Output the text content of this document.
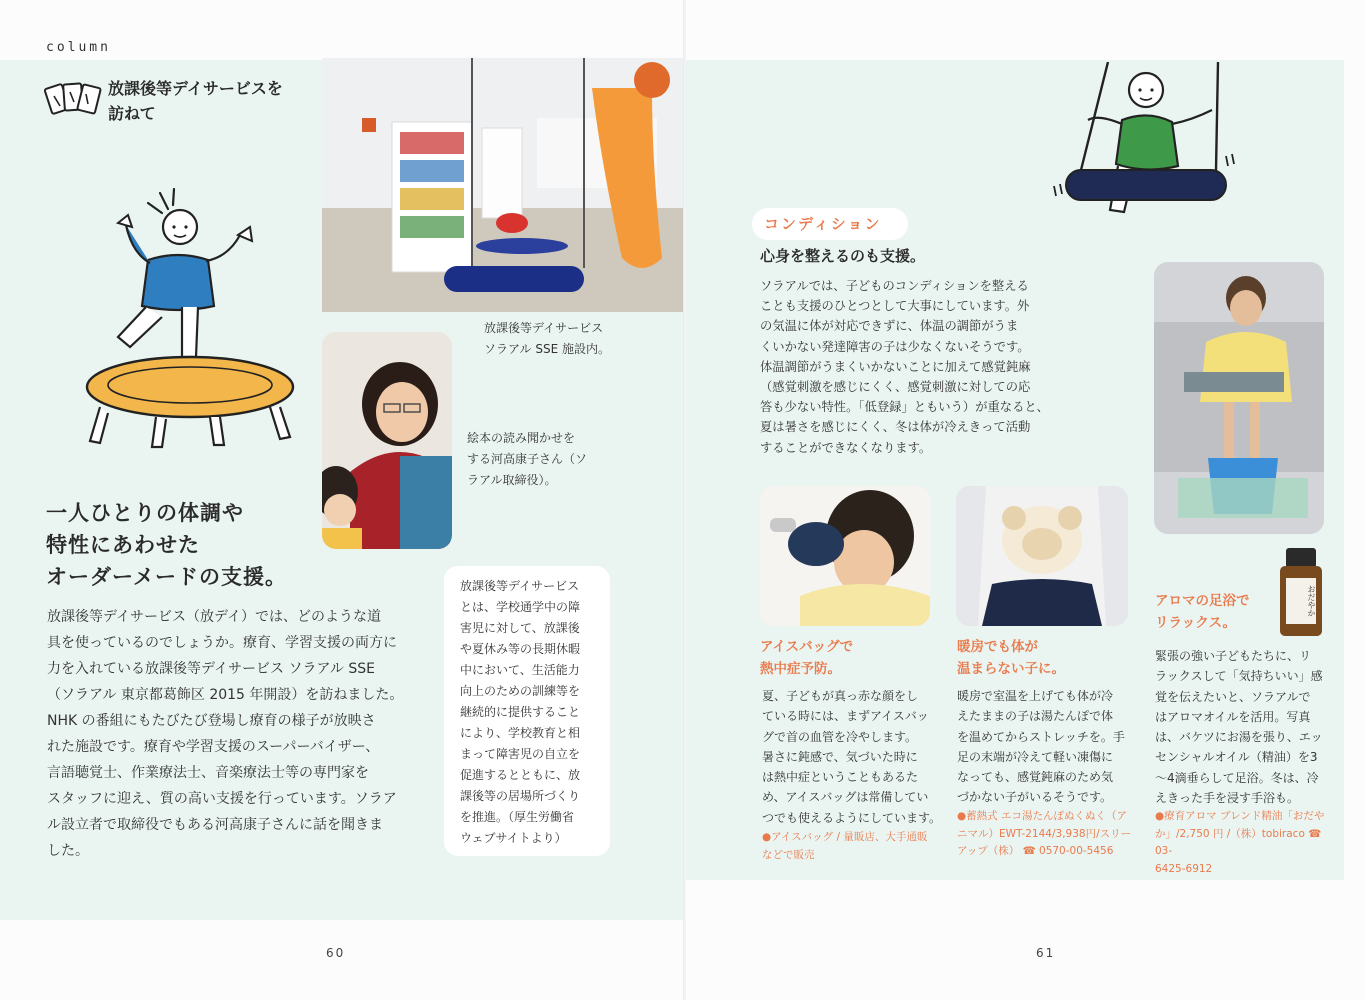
column
放課後等デイサービスを
訪ねて
放課後等デイサービス
ソラアル SSE 施設内。
絵本の読み聞かせを
する河高康子さん（ソ
ラアル取締役）。
一人ひとりの体調や
特性にあわせた
オーダーメードの支援。
放課後等デイサービス（放デイ）では、どのような道
具を使っているのでしょうか。療育、学習支援の両方に
力を入れている放課後等デイサービス ソラアル SSE
（ソラアル 東京都葛飾区 2015 年開設）を訪ねました。
NHK の番組にもたびたび登場し療育の様子が放映さ
れた施設です。療育や学習支援のスーパーバイザー、
言語聴覚士、作業療法士、音楽療法士等の専門家を
スタッフに迎え、質の高い支援を行っています。ソラア
ル設立者で取締役でもある河高康子さんに話を聞きま
した。
放課後等デイサービス
とは、学校通学中の障
害児に対して、放課後
や夏休み等の長期休暇
中において、生活能力
向上のための訓練等を
継続的に提供すること
により、学校教育と相
まって障害児の自立を
促進するとともに、放
課後等の居場所づくり
を推進。（厚生労働省
ウェブサイトより）
60
コンディション
心身を整えるのも支援。
ソラアルでは、子どものコンディションを整える
ことも支援のひとつとして大事にしています。外
の気温に体が対応できずに、体温の調節がうま
くいかない発達障害の子は少なくないそうです。
体温調節がうまくいかないことに加えて感覚鈍麻
（感覚刺激を感じにくく、感覚刺激に対しての応
答も少ない特性。「低登録」ともいう）が重なると、
夏は暑さを感じにくく、冬は体が冷えきって活動
することができなくなります。
アイスバッグで
熱中症予防。
夏、子どもが真っ赤な顔をし
ている時には、まずアイスバッ
グで首の血管を冷やします。
暑さに鈍感で、気づいた時に
は熱中症ということもあるた
め、アイスバッグは常備してい
つでも使えるようにしています。
●アイスバッグ / 量販店、大手通販
などで販売
暖房でも体が
温まらない子に。
暖房で室温を上げても体が冷
えたままの子は湯たんぽで体
を温めてからストレッチを。手
足の末端が冷えて軽い凍傷に
なっても、感覚鈍麻のため気
づかない子がいるそうです。
●蓄熱式 エコ湯たんぽぬくぬく（ア
ニマル）EWT-2144/3,938円/スリー
アップ（株） ☎ 0570-00-5456
おだやか
アロマの足浴で
リラックス。
緊張の強い子どもたちに、リ
ラックスして「気持ちいい」感
覚を伝えたいと、ソラアルで
はアロマオイルを活用。写真
は、バケツにお湯を張り、エッ
センシャルオイル（精油）を3
～4滴垂らして足浴。冬は、冷
えきった手を浸す手浴も。
●療育アロマ ブレンド精油「おだや
か」/2,750 円 /（株）tobiraco ☎ 03-
6425-6912
61
